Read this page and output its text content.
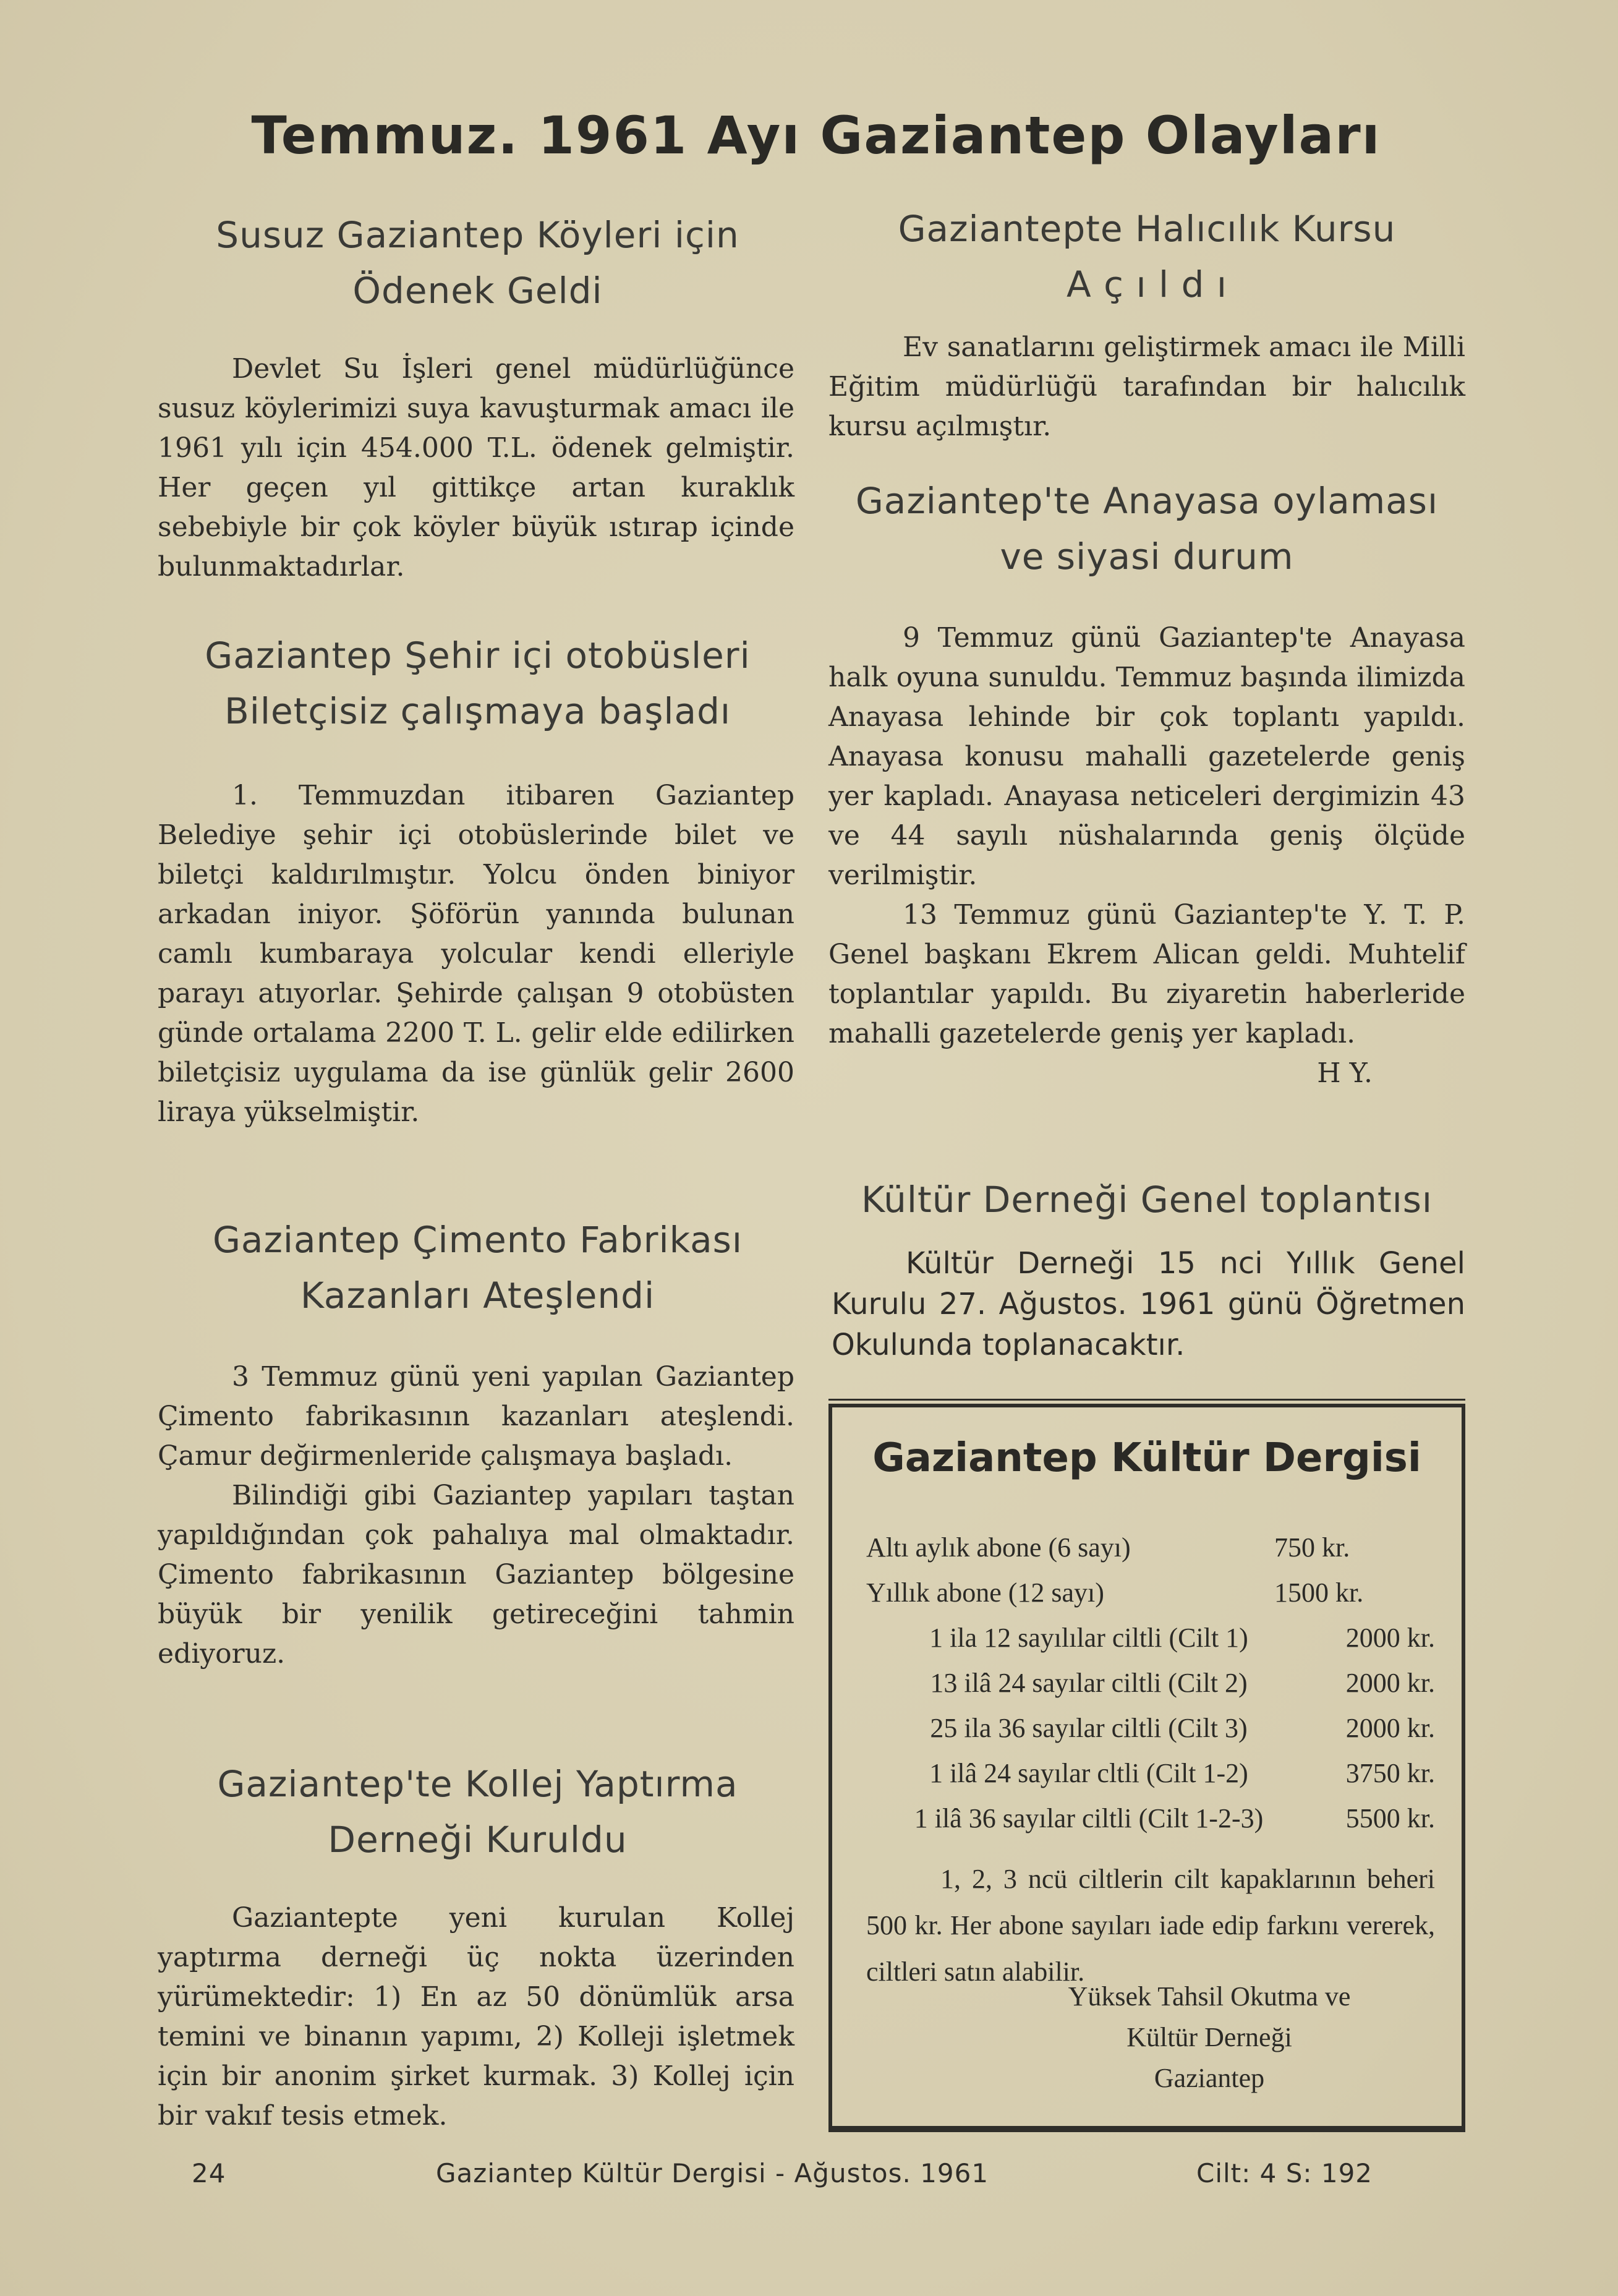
Temmuz. 1961 Ayı Gaziantep Olayları
Susuz Gaziantep Köyleri için
Ödenek Geldi

Devlet Su İşleri genel müdürlüğünce susuz köylerimizi suya kavuşturmak amacı ile 1961 yılı için 454.000 T.L. ödenek gelmiştir. Her geçen yıl gittikçe artan kuraklık sebebiyle bir çok köyler büyük ıstırap içinde bulunmaktadırlar.

Gaziantep Şehir içi otobüsleri
Biletçisiz çalışmaya başladı

1. Temmuzdan itibaren Gaziantep Belediye şehir içi otobüslerinde bilet ve biletçi kaldırılmıştır. Yolcu önden biniyor arkadan iniyor. Şöförün yanında bulunan camlı kumbaraya yolcular kendi elleriyle parayı atıyorlar. Şehirde çalışan 9 otobüsten günde ortalama 2200 T. L. gelir elde edilirken biletçisiz uygulama da ise günlük gelir 2600 liraya yükselmiştir.

Gaziantep Çimento Fabrikası
Kazanları Ateşlendi

3 Temmuz günü yeni yapılan Gaziantep Çimento fabrikasının kazanları ateşlendi. Çamur değirmenleride çalışmaya başladı.

Bilindiği gibi Gaziantep yapıları taştan yapıldığından çok pahalıya mal olmaktadır. Çimento fabrikasının Gaziantep bölgesine büyük bir yenilik getireceğini tahmin ediyoruz.

Gaziantep'te Kollej Yaptırma
Derneği Kuruldu

Gaziantepte yeni kurulan Kollej yaptırma derneği üç nokta üzerinden yürümektedir: 1) En az 50 dönümlük arsa temini ve binanın yapımı, 2) Kolleji işletmek için bir anonim şirket kurmak. 3) Kollej için bir vakıf tesis etmek.

Gaziantepte Halıcılık Kursu
A ç ı l d ı

Ev sanatlarını geliştirmek amacı ile Milli Eğitim müdürlüğü tarafından bir halıcılık kursu açılmıştır.

Gaziantep'te Anayasa oylaması
ve siyasi durum

9 Temmuz günü Gaziantep'te Anayasa halk oyuna sunuldu. Temmuz başında ilimizda Anayasa lehinde bir çok toplantı yapıldı. Anayasa konusu mahalli gazetelerde geniş yer kapladı. Anayasa neticeleri dergimizin 43 ve 44 sayılı nüshalarında geniş ölçüde verilmiştir.

13 Temmuz günü Gaziantep'te Y. T. P. Genel başkanı Ekrem Alican geldi. Muhtelif toplantılar yapıldı. Bu ziyaretin haberleride mahalli gazetelerde geniş yer kapladı.

H Y.

Kültür Derneği Genel toplantısı

Kültür Derneği 15 nci Yıllık Genel Kurulu 27. Ağustos. 1961 günü Öğretmen Okulunda toplanacaktır.

Gaziantep Kültür Dergisi
Altı aylık abone (6 sayı)	750 kr.
Yıllık abone (12 sayı)	1500 kr.
1 ila 12 sayılılar ciltli (Cilt 1)	2000 kr.
13 ilâ 24 sayılar ciltli (Cilt 2)	2000 kr.
25 ila 36 sayılar ciltli (Cilt 3)	2000 kr.
1 ilâ 24 sayılar cltli (Cilt 1-2)	3750 kr.
1 ilâ 36 sayılar ciltli (Cilt 1-2-3)	5500 kr.

1, 2, 3 ncü ciltlerin cilt kapaklarının beheri 500 kr. Her abone sayıları iade edip farkını vererek, ciltleri satın alabilir.

Yüksek Tahsil Okutma ve
Kültür Derneği
Gaziantep
24	Gaziantep Kültür Dergisi - Ağustos. 1961	Cilt: 4 S: 192
